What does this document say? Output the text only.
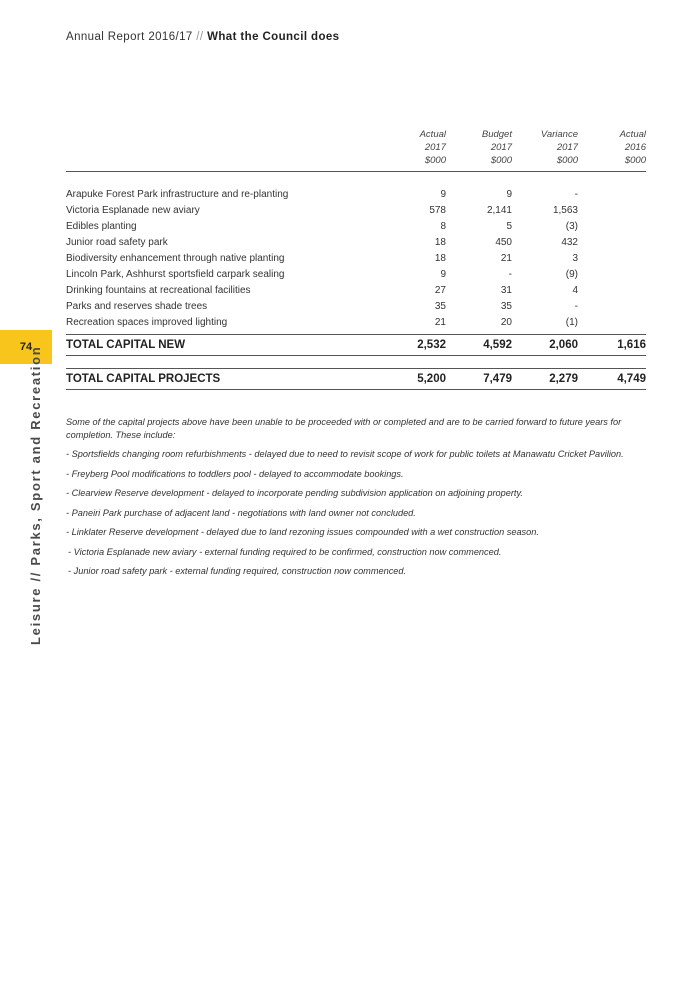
Annual Report 2016/17 // What the Council does
74
Leisure // Parks, Sport and Recreation
	Actual
2017
$000	Budget
2017
$000	Variance
2017
$000	Actual
2016
$000

Arapuke Forest Park infrastructure and re-planting	9	9	-	
Victoria Esplanade new aviary	578	2,141	1,563	
Edibles planting	8	5	(3)	
Junior road safety park	18	450	432	
Biodiversity enhancement through native planting	18	21	3	
Lincoln Park, Ashhurst sportsfield carpark sealing	9	-	(9)	
Drinking fountains at recreational facilities	27	31	4	
Parks and reserves shade trees	35	35	-	
Recreation spaces improved lighting	21	20	(1)	

TOTAL CAPITAL NEW	2,532	4,592	2,060	1,616

TOTAL CAPITAL PROJECTS	5,200	7,479	2,279	4,749

Some of the capital projects above have been unable to be proceeded with or completed and are to be carried forward to future years for completion. These include:

- Sportsfields changing room refurbishments - delayed due to need to revisit scope of work for public toilets at Manawatu Cricket Pavilion.

- Freyberg Pool modifications to toddlers pool - delayed to accommodate bookings.

- Clearview Reserve development - delayed to incorporate pending subdivision application on adjoining property.

- Paneiri Park purchase of adjacent land - negotiations with land owner not concluded.

- Linklater Reserve development - delayed due to land rezoning issues compounded with a wet construction season.

- Victoria Esplanade new aviary - external funding required to be confirmed, construction now commenced.

- Junior road safety park - external funding required, construction now commenced.
